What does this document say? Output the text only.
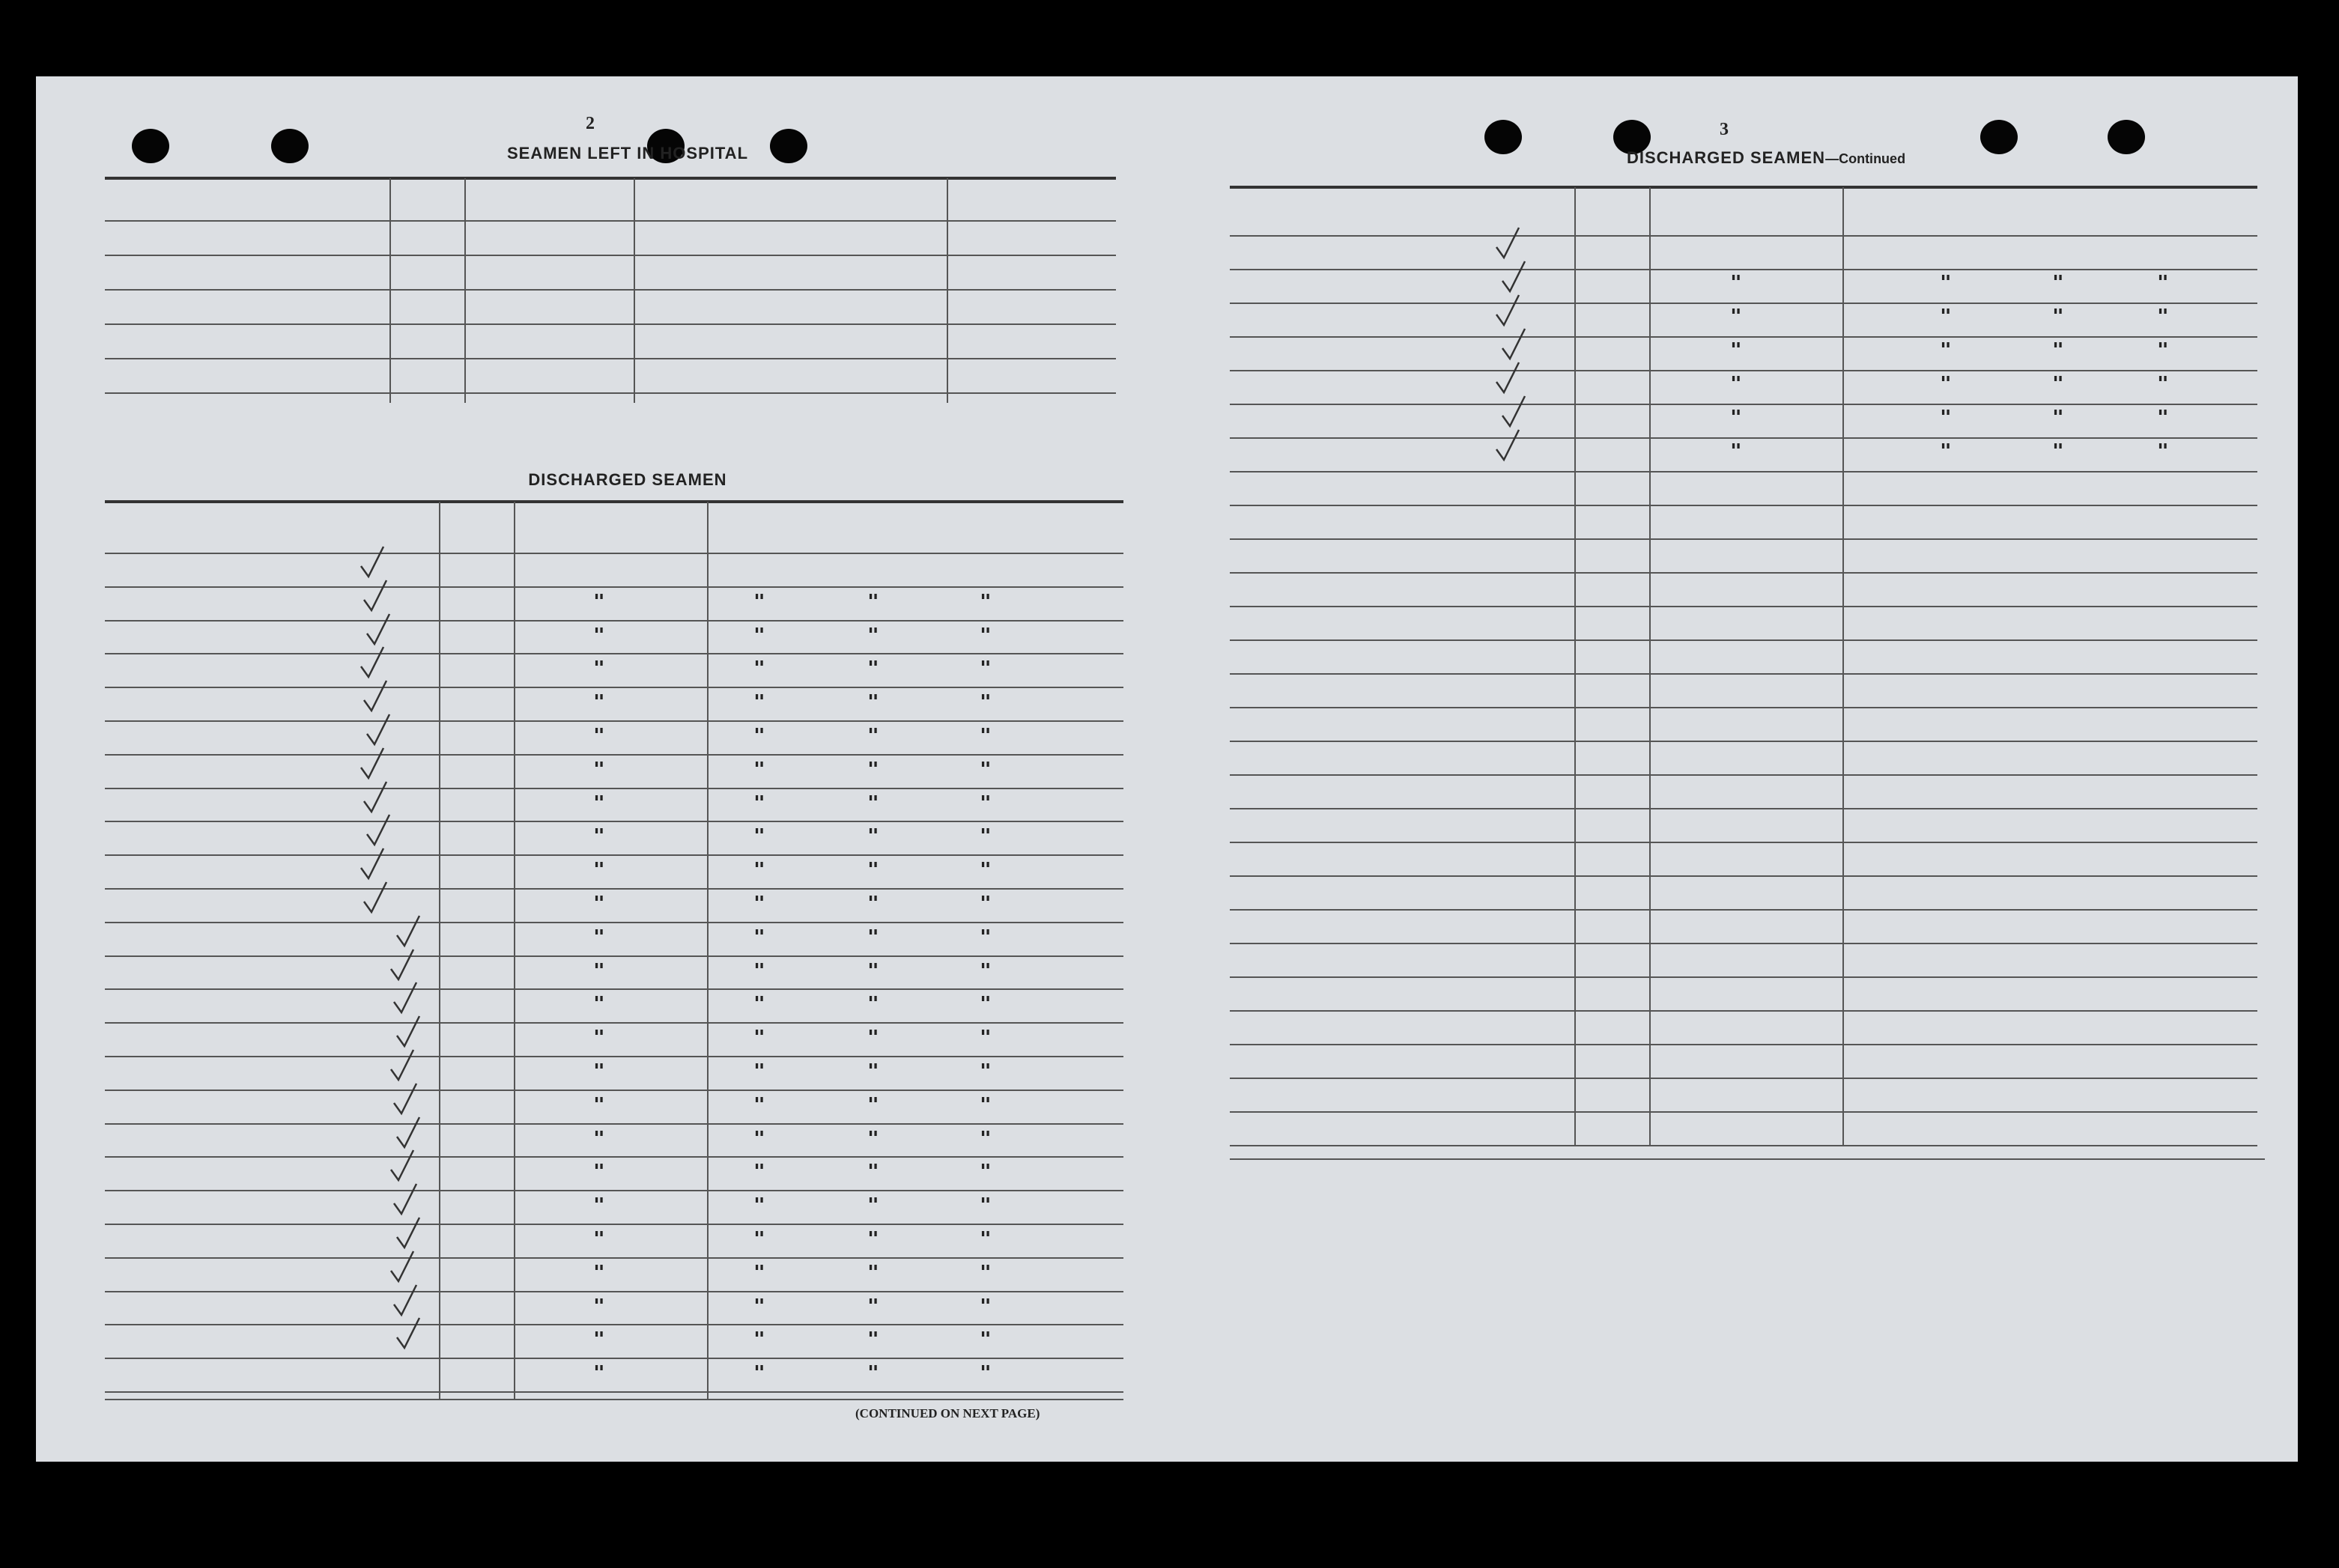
2
SEAMEN LEFT IN HOSPITAL
DISCHARGED SEAMEN
(CONTINUED ON NEXT PAGE)
3
DISCHARGED SEAMEN—Continued
"	"	"	"
"	"	"	"
"	"	"	"
"	"	"	"
"	"	"	"
"	"	"	"
"	"	"	"
"	"	"	"
"	"	"	"
"	"	"	"
"	"	"	"
"	"	"	"
"	"	"	"
"	"	"	"
"	"	"	"
"	"	"	"
"	"	"	"
"	"	"	"
"	"	"	"
"	"	"	"
"	"	"	"
"	"	"	"
"	"	"	"
"	"	"	"
"	"	"	"
"	"	"	"
"	"	"	"
"	"	"	"
"	"	"	"
"	"	"	"
